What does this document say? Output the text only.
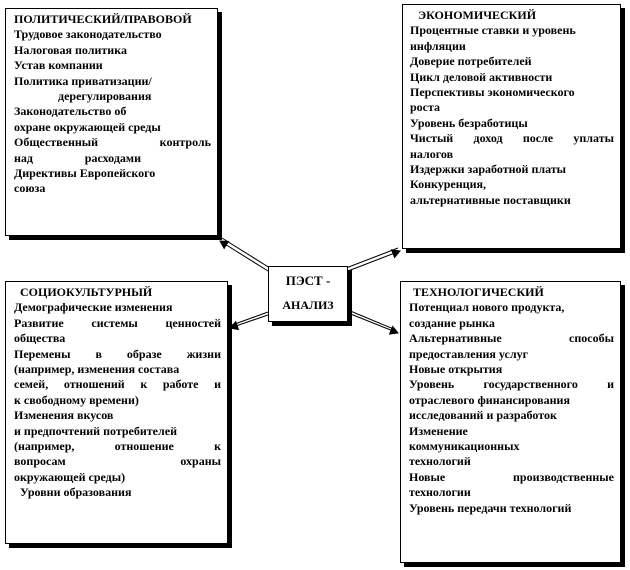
ПОЛИТИЧЕСКИЙ/ПРАВОВОЙ
Трудовое законодательство
Налоговая политика
Устав компании
Политика приватизации/
дерегулирования
Законодательство об
охране окружающей среды
Общественный контроль
над расходами
Директивы Европейского
союза
ЭКОНОМИЧЕСКИЙ
Процентные ставки и уровень
инфляции
Доверие потребителей
Цикл деловой активности
Перспективы экономического
роста
Уровень безработицы
Чистый доход после уплаты
налогов
Издержки заработной платы
Конкуренция,
альтернативные поставщики
СОЦИОКУЛЬТУРНЫЙ
Демографические изменения
Развитие системы ценностей
общества
Перемены в образе жизни
(например, изменения состава
семей, отношений к работе и
к свободному времени)
Изменения вкусов
и предпочтений потребителей
(например, отношение к
вопросам охраны
окружающей среды)
Уровни образования
ТЕХНОЛОГИЧЕСКИЙ
Потенциал нового продукта,
создание рынка
Альтернативные способы
предоставления услуг
Новые открытия
Уровень государственного и
отраслевого финансирования
исследований и разработок
Изменение
коммуникационных
технологий
Новые производственные
технологии
Уровень передачи технологий
ПЭСТ -
АНАЛИЗ
